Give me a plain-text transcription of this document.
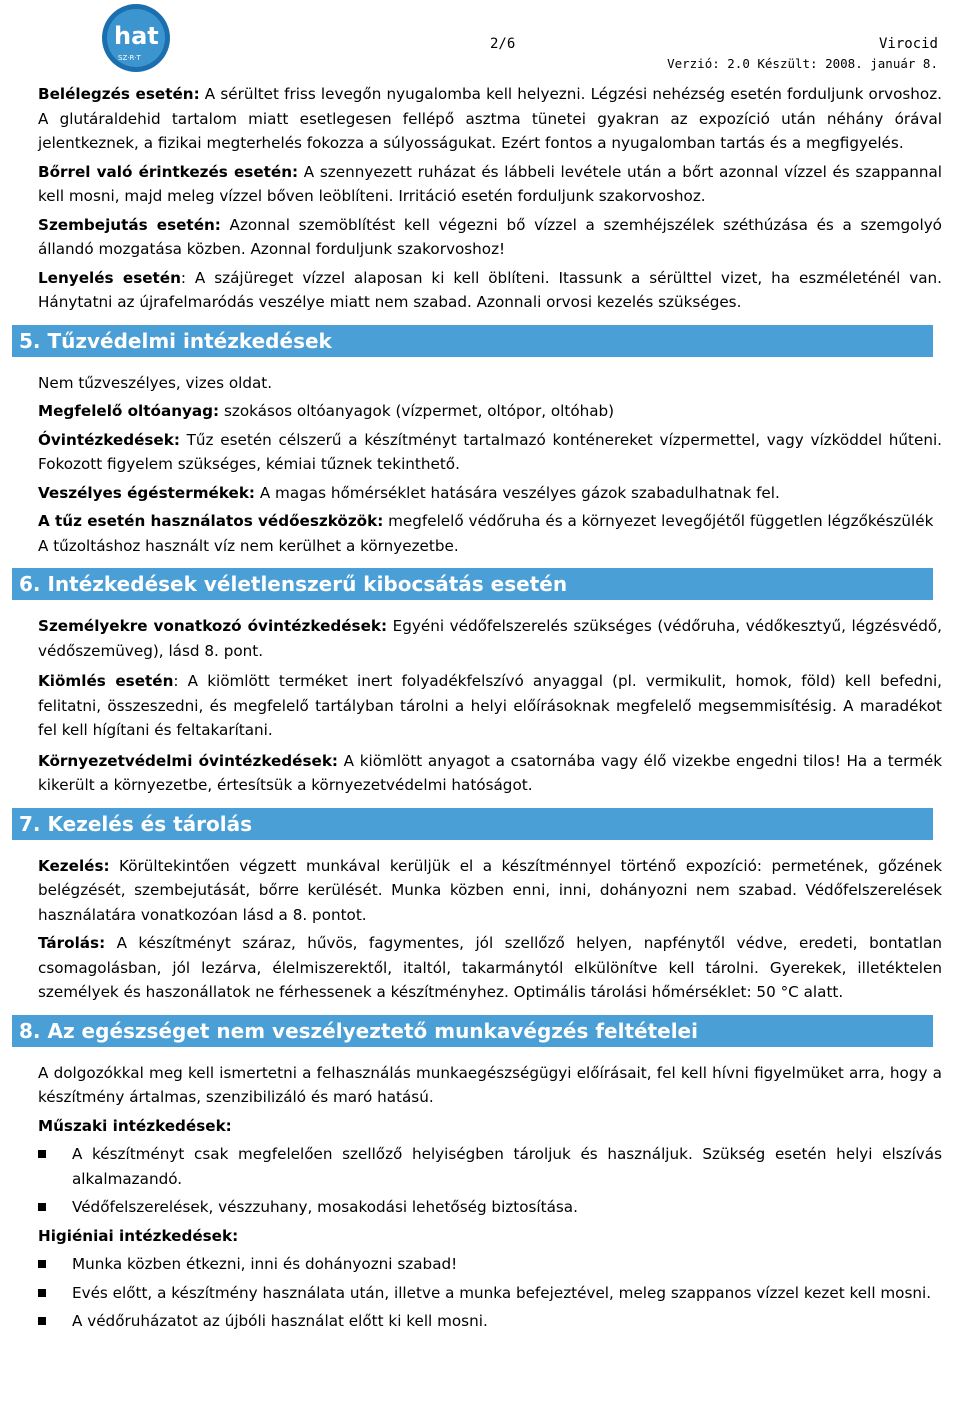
hat
SZ·R·T
2/6	Virocid
Verzió: 2.0 Készült: 2008. január 8.

Belélegzés esetén: A sérültet friss levegőn nyugalomba kell helyezni. Légzési nehézség esetén forduljunk orvoshoz. A glutáraldehid tartalom miatt esetlegesen fellépő asztma tünetei gyakran az expozíció után néhány órával jelentkeznek, a fizikai megterhelés fokozza a súlyosságukat. Ezért fontos a nyugalomban tartás és a megfigyelés.

Bőrrel való érintkezés esetén: A szennyezett ruházat és lábbeli levétele után a bőrt azonnal vízzel és szappannal kell mosni, majd meleg vízzel bőven leöblíteni. Irritáció esetén forduljunk szakorvoshoz.

Szembejutás esetén: Azonnal szemöblítést kell végezni bő vízzel a szemhéjszélek széthúzása és a szemgolyó állandó mozgatása közben. Azonnal forduljunk szakorvoshoz!

Lenyelés esetén: A szájüreget vízzel alaposan ki kell öblíteni. Itassunk a sérülttel vizet, ha eszméleténél van. Hánytatni az újrafelmaródás veszélye miatt nem szabad. Azonnali orvosi kezelés szükséges.

5. Tűzvédelmi intézkedések

Nem tűzveszélyes, vizes oldat.

Megfelelő oltóanyag: szokásos oltóanyagok (vízpermet, oltópor, oltóhab)

Óvintézkedések: Tűz esetén célszerű a készítményt tartalmazó konténereket vízpermettel, vagy vízköddel hűteni. Fokozott figyelem szükséges, kémiai tűznek tekinthető.

Veszélyes égéstermékek: A magas hőmérséklet hatására veszélyes gázok szabadulhatnak fel.

A tűz esetén használatos védőeszközök: megfelelő védőruha és a környezet levegőjétől független légzőkészülék

A tűzoltáshoz használt víz nem kerülhet a környezetbe.

6. Intézkedések véletlenszerű kibocsátás esetén

Személyekre vonatkozó óvintézkedések: Egyéni védőfelszerelés szükséges (védőruha, védőkesztyű, légzésvédő, védőszemüveg), lásd 8. pont.

Kiömlés esetén: A kiömlött terméket inert folyadékfelszívó anyaggal (pl. vermikulit, homok, föld) kell befedni, felitatni, összeszedni, és megfelelő tartályban tárolni a helyi előírásoknak megfelelő megsemmisítésig. A maradékot fel kell hígítani és feltakarítani.

Környezetvédelmi óvintézkedések: A kiömlött anyagot a csatornába vagy élő vizekbe engedni tilos! Ha a termék kikerült a környezetbe, értesítsük a környezetvédelmi hatóságot.

7. Kezelés és tárolás

Kezelés: Körültekintően végzett munkával kerüljük el a készítménnyel történő expozíció: permetének, gőzének belégzését, szembejutását, bőrre kerülését. Munka közben enni, inni, dohányozni nem szabad. Védőfelszerelések használatára vonatkozóan lásd a 8. pontot.

Tárolás: A készítményt száraz, hűvös, fagymentes, jól szellőző helyen, napfénytől védve, eredeti, bontatlan csomagolásban, jól lezárva, élelmiszerektől, italtól, takarmánytól elkülönítve kell tárolni. Gyerekek, illetéktelen személyek és haszonállatok ne férhessenek a készítményhez. Optimális tárolási hőmérséklet: 50 °C alatt.

8. Az egészséget nem veszélyeztető munkavégzés feltételei

A dolgozókkal meg kell ismertetni a felhasználás munkaegészségügyi előírásait, fel kell hívni figyelmüket arra, hogy a készítmény ártalmas, szenzibilizáló és maró hatású.

Műszaki intézkedések:

A készítményt csak megfelelően szellőző helyiségben tároljuk és használjuk. Szükség esetén helyi elszívás alkalmazandó.
Védőfelszerelések, vészzuhany, mosakodási lehetőség biztosítása.

Higiéniai intézkedések:

Munka közben étkezni, inni és dohányozni szabad!
Evés előtt, a készítmény használata után, illetve a munka befejeztével, meleg szappanos vízzel kezet kell mosni.
A védőruházatot az újbóli használat előtt ki kell mosni.
